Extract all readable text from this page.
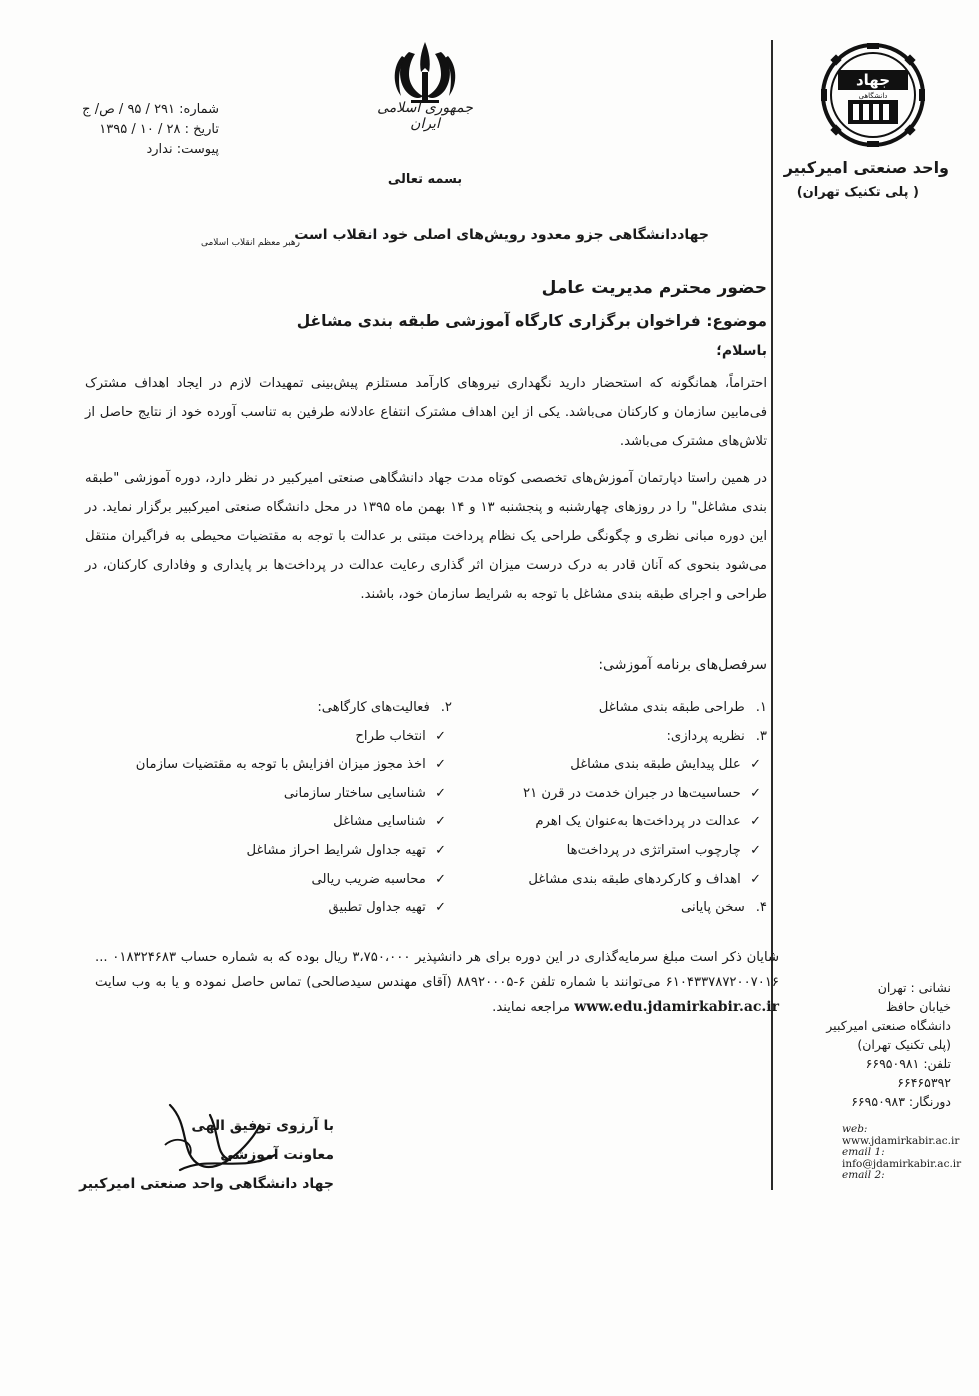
جهاد
دانشگاهی
واحد صنعتی امیرکبیر
( پلی تکنیک تهران)
نشانی : تهران
خیابان حافظ
دانشگاه صنعتی امیرکبیر
(پلی تکنیک تهران)
تلفن: ۶۶۹۵۰۹۸۱
۶۶۴۶۵۳۹۲
دورنگار: ۶۶۹۵۰۹۸۳
web:
www.jdamirkabir.ac.ir
email 1:
info@jdamirkabir.ac.ir
email 2:
جمهوری اسلامی ایران
بسمه تعالی
شماره: ۲۹۱ / ۹۵ / ص/ ج
تاریخ : ۲۸ / ۱۰ / ۱۳۹۵
پیوست: ندارد
جهاددانشگاهی جزو معدود رویش‌های اصلی خود انقلاب است
رهبر معظم انقلاب اسلامی
حضور محترم مدیریت عامل
موضوع: فراخوان برگزاری کارگاه آموزشی طبقه بندی مشاغل
باسلام؛

احتراماً، همانگونه که استحضار دارید نگهداری نیروهای کارآمد مستلزم پیش‌بینی تمهیدات لازم در ایجاد اهداف مشترک فی‌مابین سازمان و کارکنان می‌باشد. یکی از این اهداف مشترک انتفاع عادلانه طرفین به تناسب آورده خود از نتایج حاصل از تلاش‌های مشترک می‌باشد.

در همین راستا دپارتمان آموزش‌های تخصصی کوتاه مدت جهاد دانشگاهی صنعتی امیرکبیر در نظر دارد، دوره آموزشی "طبقه بندی مشاغل" را در روزهای چهارشنبه و پنجشنبه ۱۳ و ۱۴ بهمن ماه ۱۳۹۵ در محل دانشگاه صنعتی امیرکبیر برگزار نماید. در این دوره مبانی نظری و چگونگی طراحی یک نظام پرداخت مبتنی بر عدالت با توجه به مقتضیات محیطی به فراگیران منتقل می‌شود بنحوی که آنان قادر به درک درست میزان اثر گذاری رعایت عدالت در پرداخت‌ها بر پایداری و وفاداری کارکنان، در طراحی و اجرای طبقه بندی مشاغل با توجه به شرایط سازمان خود، باشند.

سرفصل‌های برنامه آموزشی:
۱. طراحی طبقه بندی مشاغل
۳. نظریه پردازی:
✓ علل پیدایش طبقه بندی مشاغل
✓ حساسیت‌ها در جبران خدمت در قرن ۲۱
✓ عدالت در پرداخت‌ها به‌عنوان یک اهرم
✓ چارچوب استراتژی در پرداخت‌ها
✓ اهداف و کارکردهای طبقه بندی مشاغل
۴. سخن پایانی
۲. فعالیت‌های کارگاهی:
✓ انتخاب طراح
✓ اخذ مجوز میزان افزایش با توجه به مقتضیات سازمان
✓ شناسایی ساختار سازمانی
✓ شناسایی مشاغل
✓ تهیه جداول شرایط احراز مشاغل
✓ محاسبه ضریب ریالی
✓ تهیه جداول تطبیق
شایان ذکر است مبلغ سرمایه‌گذاری در این دوره برای هر دانشپذیر ۳،۷۵۰،۰۰۰ ریال بوده که به شماره حساب ۰۱۸۳۲۴۶۸۳ ... ۶۱۰۴۳۳۷۸۷۲۰۰۷۰۱۶ می‌توانند با شماره تلفن ۶-۸۸۹۲۰۰۰۵ (آقای مهندس سیدصالحی) تماس حاصل نموده و یا به وب سایت www.edu.jdamirkabir.ac.ir مراجعه نمایند.
با آرزوی توفیق الهی
معاونت آموزشی
جهاد دانشگاهی واحد صنعتی امیرکبیر
